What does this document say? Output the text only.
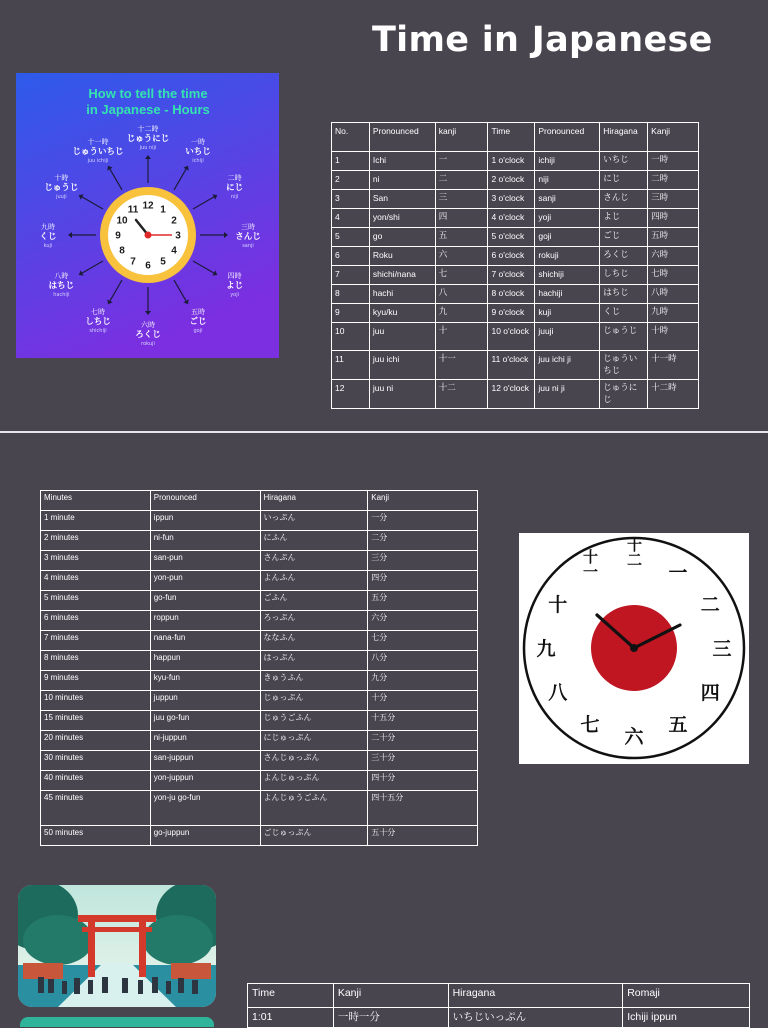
Time in Japanese
How to tell the time
in Japanese - Hours
12 1
2
3
4
5
6
7
8
9
10
11
十二時
じゅうにじ
juu niji
一時
いちじ
ichiji
二時
にじ
niji
三時
さんじ
sanji
四時
よじ
yoji
五時
ごじ
goji
六時
ろくじ
rokuji
七時
しちじ
shichiji
八時
はちじ
hachiji
九時
くじ
kuji
十時
じゅうじ
juuji
十一時
じゅういちじ
juu ichiji
No.	Pronounced	kanji	Time	Pronounced	Hiragana	Kanji
1	Ichi	一	1 o'clock	ichiji	いちじ	一時
2	ni	二	2 o'clock	niji	にじ	二時
3	San	三	3 o'clock	sanji	さんじ	三時
4	yon/shi	四	4 o'clock	yoji	よじ	四時
5	go	五	5 o'clock	goji	ごじ	五時
6	Roku	六	6 o'clock	rokuji	ろくじ	六時
7	shichi/nana	七	7 o'clock	shichiji	しちじ	七時
8	hachi	八	8 o'clock	hachiji	はちじ	八時
9	kyu/ku	九	9 o'clock	kuji	くじ	九時
10	juu	十	10 o'clock	juuji	じゅうじ	十時
11	juu ichi	十一	11 o'clock	juu ichi ji	じゅういちじ	十一時
12	juu ni	十二	12 o'clock	juu ni ji	じゅうにじ	十二時
Minutes	Pronounced	Hiragana	Kanji
1 minute	ippun	いっぷん	一分
2 minutes	ni-fun	にふん	二分
3 minutes	san-pun	さんぷん	三分
4 minutes	yon-pun	よんふん	四分
5 minutes	go-fun	ごふん	五分
6 minutes	roppun	ろっぷん	六分
7 minutes	nana-fun	ななふん	七分
8 minutes	happun	はっぷん	八分
9 minutes	kyu-fun	きゅうふん	九分
10 minutes	juppun	じゅっぷん	十分
15 minutes	juu go-fun	じゅうごふん	十五分
20 minutes	ni-juppun	にじゅっぷん	二十分
30 minutes	san-juppun	さんじゅっぷん	三十分
40 minutes	yon-juppun	よんじゅっぷん	四十分
45 minutes	yon-ju go-fun	よんじゅうごふん	四十五分
50 minutes	go-juppun	ごじゅっぷん	五十分
十二
一
二
三
四
五
六
七
八
九
十
十一
Time	Kanji	Hiragana	Romaji
1:01	一時一分	いちじいっぷん	Ichiji ippun
